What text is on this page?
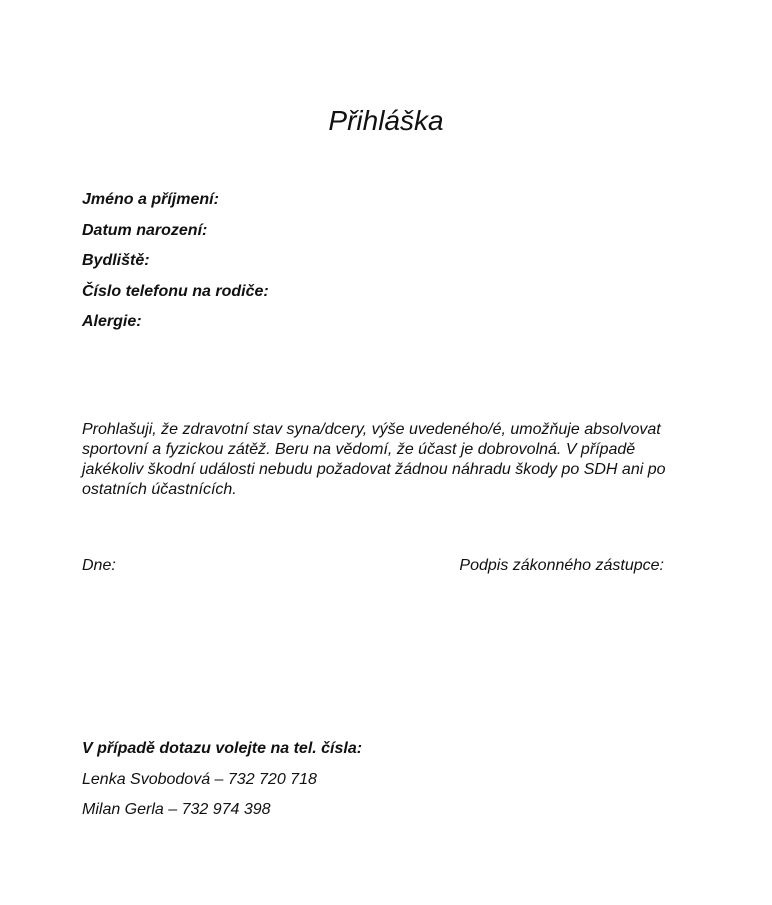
Přihláška
Jméno a příjmení:
Datum narození:
Bydliště:
Číslo telefonu na rodiče:
Alergie:

Prohlašuji, že zdravotní stav syna/dcery, výše uvedeného/é, umožňuje absolvovat sportovní a fyzickou zátěž. Beru na vědomí, že účast je dobrovolná. V případě jakékoliv škodní události nebudu požadovat žádnou náhradu škody po SDH ani po ostatních účastnících.

Dne:	Podpis zákonného zástupce:
V případě dotazu volejte na tel. čísla:
Lenka Svobodová – 732 720 718
Milan Gerla – 732 974 398
